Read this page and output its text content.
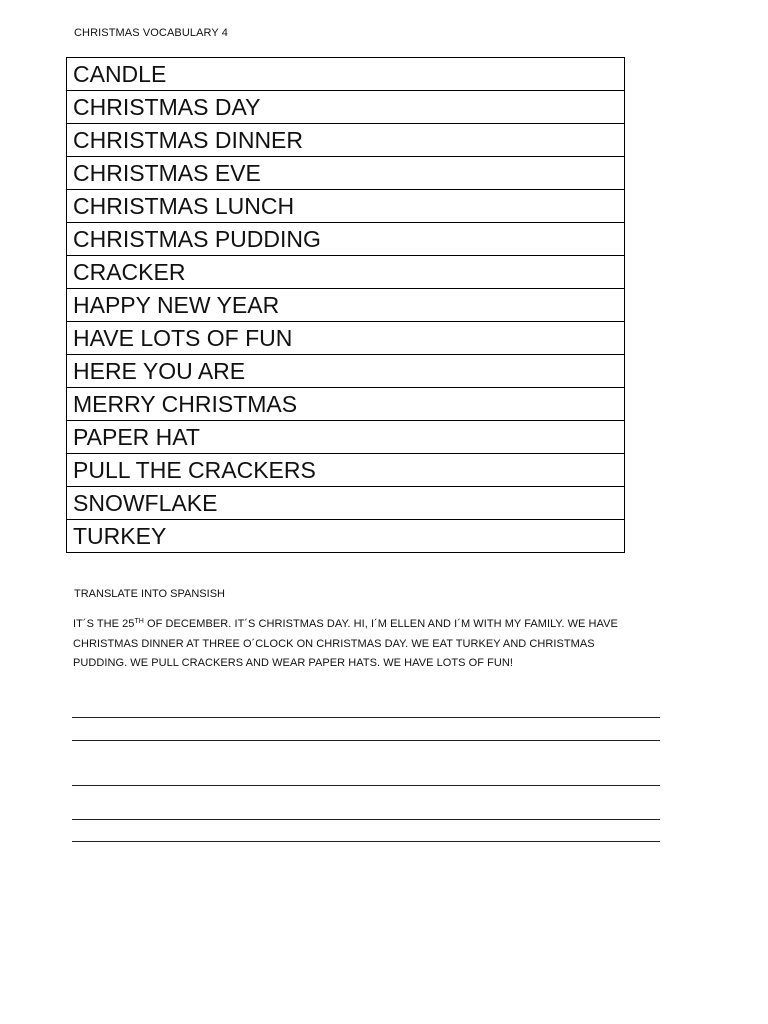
CHRISTMAS VOCABULARY 4
CANDLE
CHRISTMAS DAY
CHRISTMAS DINNER
CHRISTMAS EVE
CHRISTMAS LUNCH
CHRISTMAS PUDDING
CRACKER
HAPPY NEW YEAR
HAVE LOTS OF FUN
HERE YOU ARE
MERRY CHRISTMAS
PAPER HAT
PULL THE CRACKERS
SNOWFLAKE
TURKEY
TRANSLATE INTO SPANSISH

IT´S THE 25TH OF DECEMBER. IT´S CHRISTMAS DAY. HI, I´M ELLEN AND I´M WITH MY FAMILY. WE HAVE CHRISTMAS DINNER AT THREE O´CLOCK ON CHRISTMAS DAY. WE EAT TURKEY AND CHRISTMAS PUDDING. WE PULL CRACKERS AND WEAR PAPER HATS. WE HAVE LOTS OF FUN!
